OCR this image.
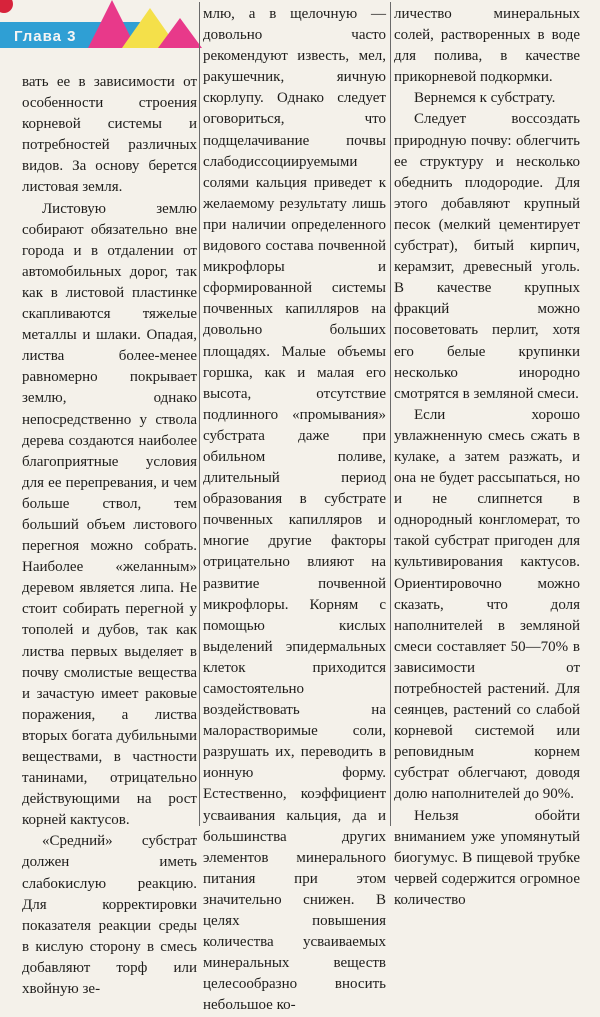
Глава 3

вать ее в зависимости от особенности строения корневой системы и потребностей различных видов. За основу берется листовая земля.

Листовую землю собирают обязательно вне города и в отдалении от автомобильных дорог, так как в листовой пластинке скапливаются тяжелые металлы и шлаки. Опадая, листва более-менее равномерно покрывает землю, однако непосредственно у ствола дерева создаются наиболее благоприятные условия для ее перепревания, и чем больше ствол, тем больший объем листового перегноя можно собрать. Наиболее «желанным» деревом является липа. Не стоит собирать перегной у тополей и дубов, так как листва первых выделяет в почву смолистые вещества и зачастую имеет раковые поражения, а листва вторых богата дубильными веществами, в частности танинами, отрицательно действующими на рост корней кактусов.

«Средний» субстрат должен иметь слабокислую реакцию. Для корректировки показателя реакции среды в кислую сторону в смесь добавляют торф или хвойную зе-

млю, а в щелочную — довольно часто рекомендуют известь, мел, ракушечник, яичную скорлупу. Однако следует оговориться, что подщелачивание почвы слабодиссоциируемыми солями кальция приведет к желаемому результату лишь при наличии определенного видового состава почвенной микрофлоры и сформированной системы почвенных капилляров на довольно больших площадях. Малые объемы горшка, как и малая его высота, отсутствие подлинного «промывания» субстрата даже при обильном поливе, длительный период образования в субстрате почвенных капилляров и многие другие факторы отрицательно влияют на развитие почвенной микрофлоры. Корням с помощью кислых выделений эпидермальных клеток приходится самостоятельно воздействовать на малорастворимые соли, разрушать их, переводить в ионную форму. Естественно, коэффициент усваивания кальция, да и большинства других элементов минерального питания при этом значительно снижен. В целях повышения количества усваиваемых минеральных веществ целесообразно вносить небольшое ко-

личество минеральных солей, растворенных в воде для полива, в качестве прикорневой подкормки.

Вернемся к субстрату.

Следует воссоздать природную почву: облегчить ее структуру и несколько обеднить плодородие. Для этого добавляют крупный песок (мелкий цементирует субстрат), битый кирпич, керамзит, древесный уголь. В качестве крупных фракций можно посоветовать перлит, хотя его белые крупинки несколько инородно смотрятся в земляной смеси.

Если хорошо увлажненную смесь сжать в кулаке, а затем разжать, и она не будет рассыпаться, но и не слипнется в однородный конгломерат, то такой субстрат пригоден для культивирования кактусов. Ориентировочно можно сказать, что доля наполнителей в земляной смеси составляет 50—70% в зависимости от потребностей растений. Для сеянцев, растений со слабой корневой системой или реповидным корнем субстрат облегчают, доводя долю наполнителей до 90%.

Нельзя обойти вниманием уже упомянутый биогумус. В пищевой трубке червей содержится огромное количество
